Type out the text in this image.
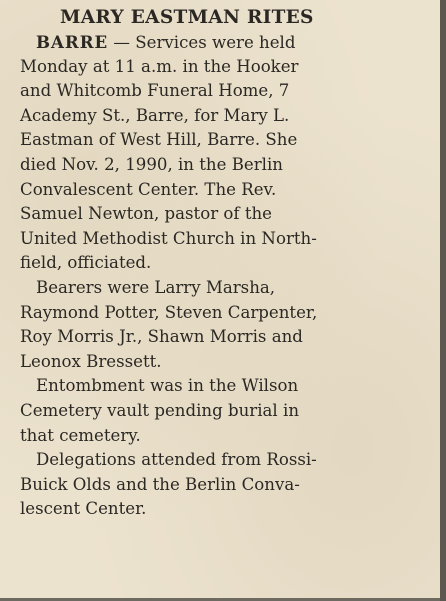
MARY EASTMAN RITES

BARRE — Services were held
Monday at 11 a.m. in the Hooker
and Whitcomb Funeral Home, 7
Academy St., Barre, for Mary L.
Eastman of West Hill, Barre. She
died Nov. 2, 1990, in the Berlin
Convalescent Center. The Rev.
Samuel Newton, pastor of the
United Methodist Church in North-
field, officiated.

Bearers were Larry Marsha,
Raymond Potter, Steven Carpenter,
Roy Morris Jr., Shawn Morris and
Leonox Bressett.

Entombment was in the Wilson
Cemetery vault pending burial in
that cemetery.

Delegations attended from Rossi-
Buick Olds and the Berlin Conva-
lescent Center.
